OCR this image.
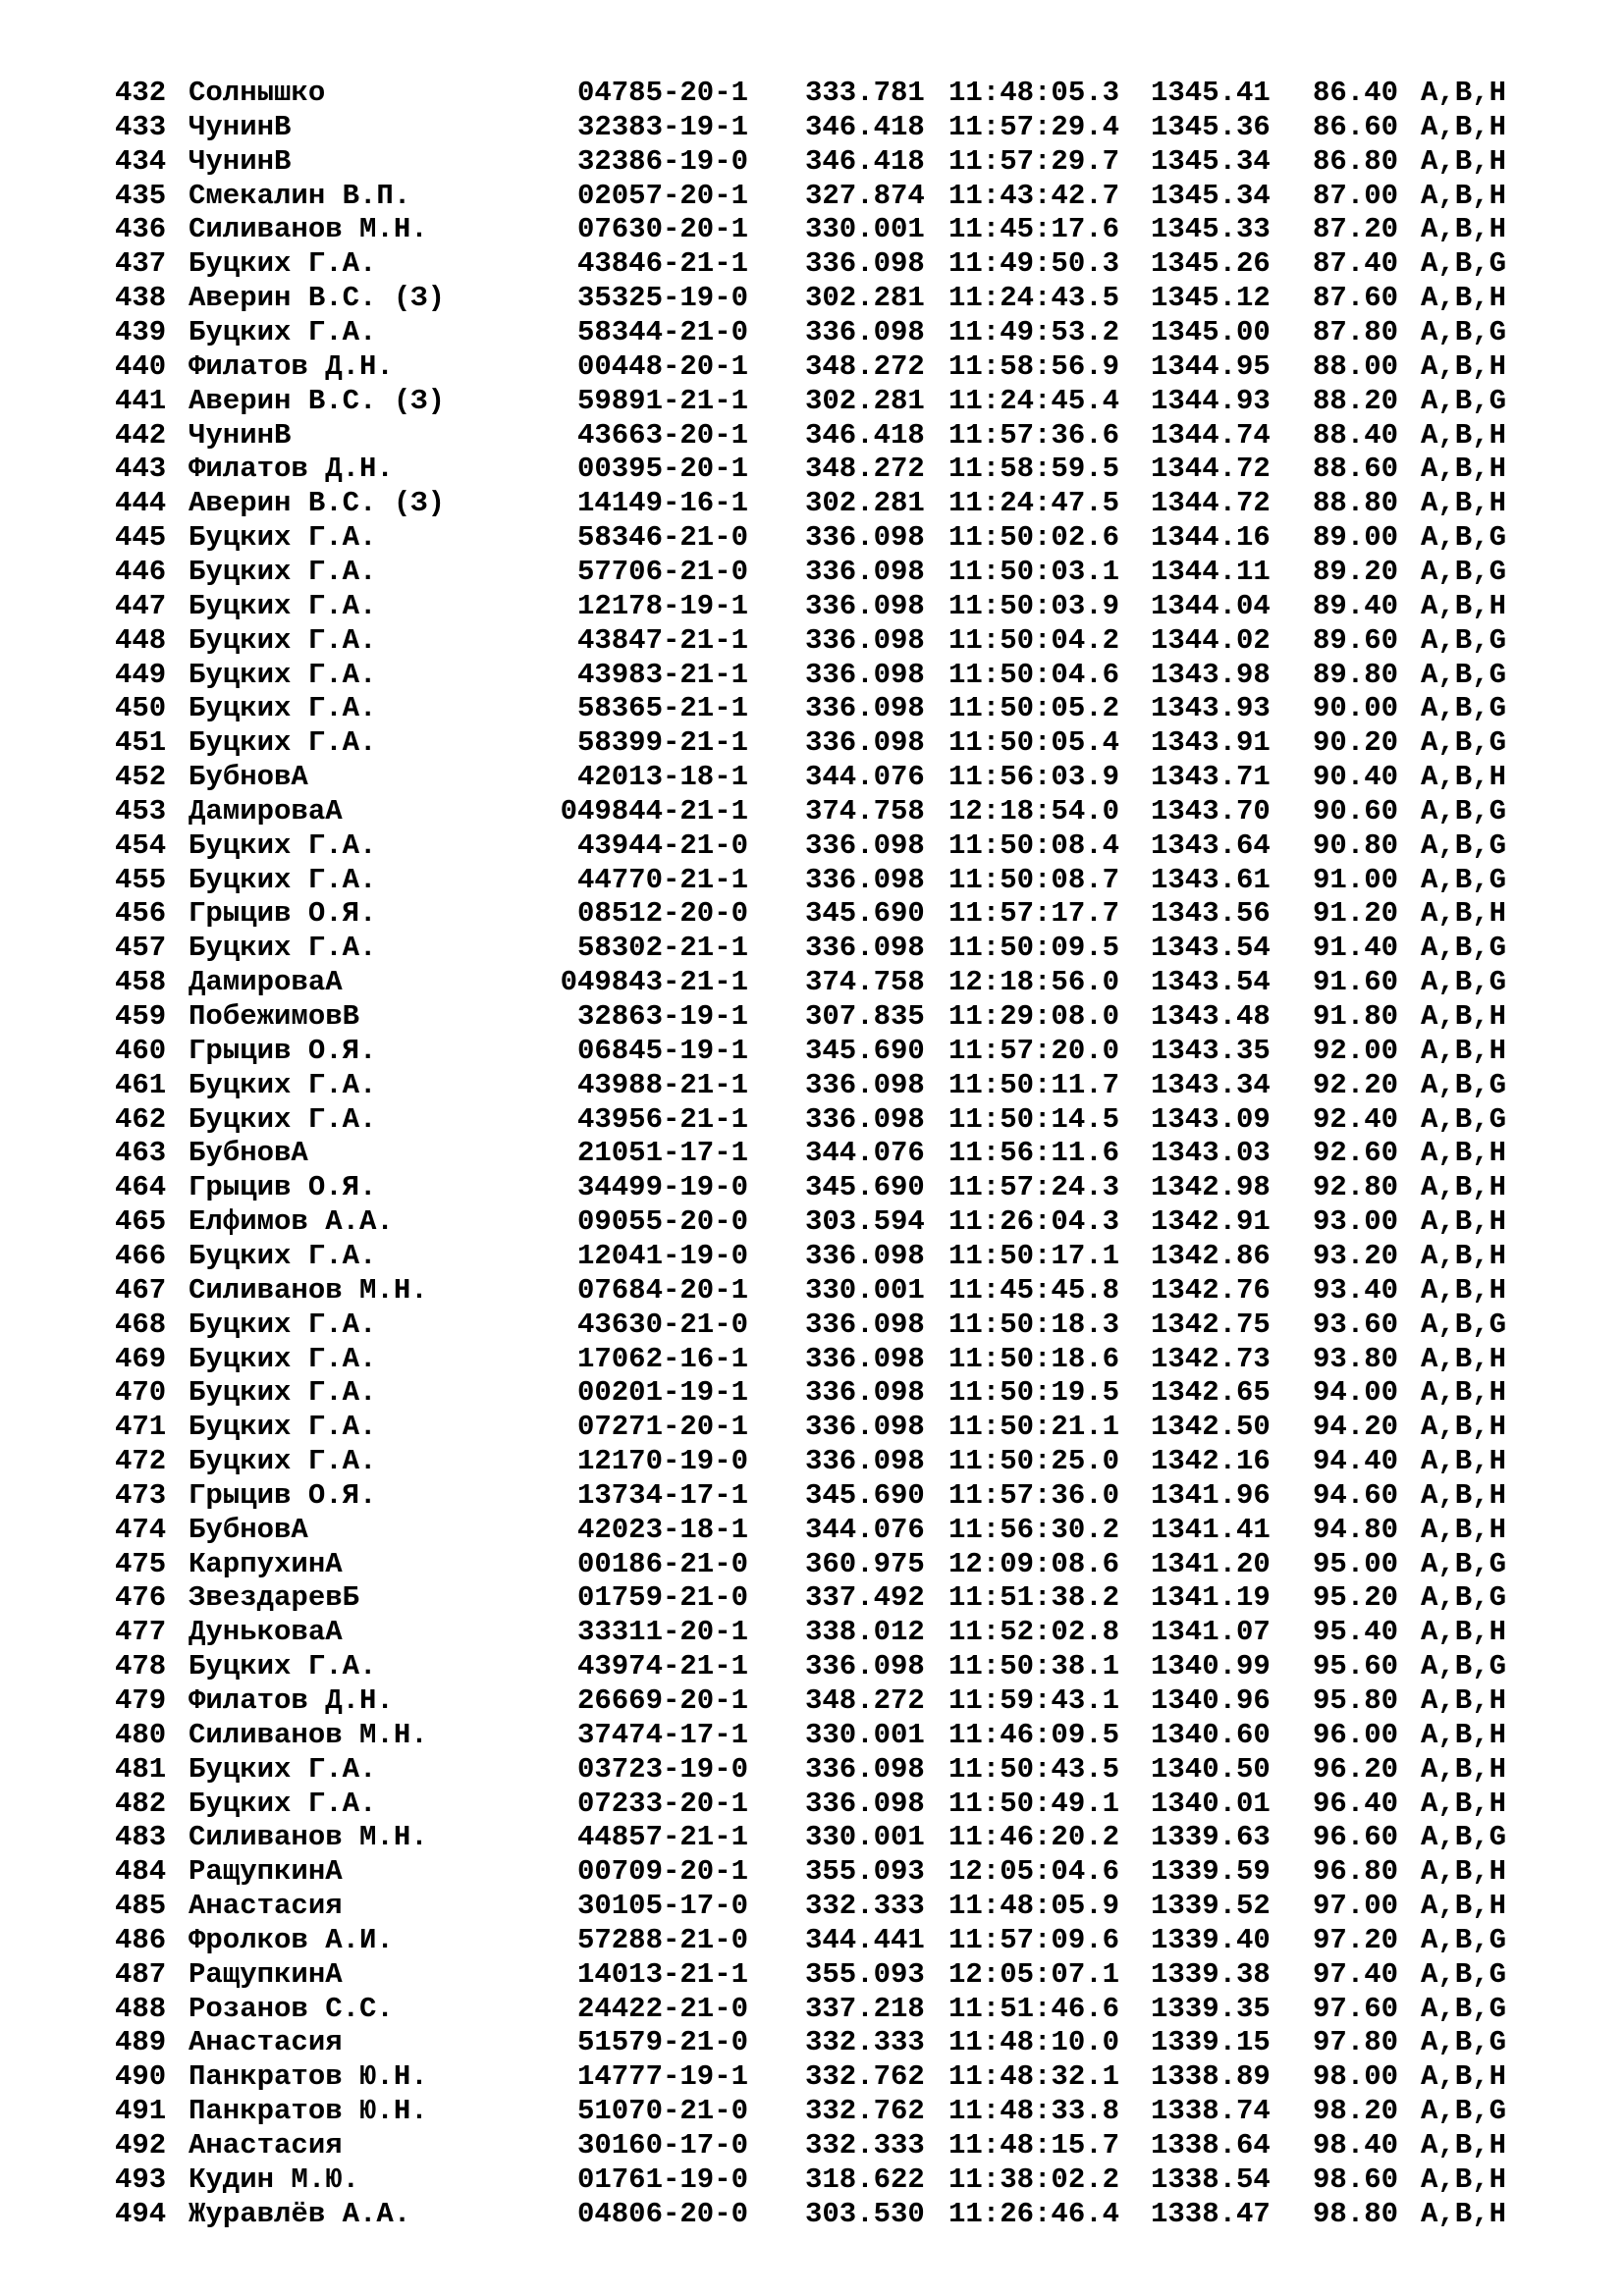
432 Солнышко	04785-20-1 333.781 11:48:05.3 1345.41 86.40 A,B,H
433 ЧунинВ	32383-19-1 346.418 11:57:29.4 1345.36 86.60 A,B,H
434 ЧунинВ	32386-19-0 346.418 11:57:29.7 1345.34 86.80 A,B,H
435 Смекалин В.П.	02057-20-1 327.874 11:43:42.7 1345.34 87.00 A,B,H
436 Силиванов М.Н.	07630-20-1 330.001 11:45:17.6 1345.33 87.20 A,B,H
437 Буцких Г.А.	43846-21-1 336.098 11:49:50.3 1345.26 87.40 A,B,G
438 Аверин В.С. (З)	35325-19-0 302.281 11:24:43.5 1345.12 87.60 A,B,H
439 Буцких Г.А.	58344-21-0 336.098 11:49:53.2 1345.00 87.80 A,B,G
440 Филатов Д.Н.	00448-20-1 348.272 11:58:56.9 1344.95 88.00 A,B,H
441 Аверин В.С. (З)	59891-21-1 302.281 11:24:45.4 1344.93 88.20 A,B,G
442 ЧунинВ	43663-20-1 346.418 11:57:36.6 1344.74 88.40 A,B,H
443 Филатов Д.Н.	00395-20-1 348.272 11:58:59.5 1344.72 88.60 A,B,H
444 Аверин В.С. (З)	14149-16-1 302.281 11:24:47.5 1344.72 88.80 A,B,H
445 Буцких Г.А.	58346-21-0 336.098 11:50:02.6 1344.16 89.00 A,B,G
446 Буцких Г.А.	57706-21-0 336.098 11:50:03.1 1344.11 89.20 A,B,G
447 Буцких Г.А.	12178-19-1 336.098 11:50:03.9 1344.04 89.40 A,B,H
448 Буцких Г.А.	43847-21-1 336.098 11:50:04.2 1344.02 89.60 A,B,G
449 Буцких Г.А.	43983-21-1 336.098 11:50:04.6 1343.98 89.80 A,B,G
450 Буцких Г.А.	58365-21-1 336.098 11:50:05.2 1343.93 90.00 A,B,G
451 Буцких Г.А.	58399-21-1 336.098 11:50:05.4 1343.91 90.20 A,B,G
452 БубновА	42013-18-1 344.076 11:56:03.9 1343.71 90.40 A,B,H
453 ДамироваА	049844-21-1 374.758 12:18:54.0 1343.70 90.60 A,B,G
454 Буцких Г.А.	43944-21-0 336.098 11:50:08.4 1343.64 90.80 A,B,G
455 Буцких Г.А.	44770-21-1 336.098 11:50:08.7 1343.61 91.00 A,B,G
456 Грыцив О.Я.	08512-20-0 345.690 11:57:17.7 1343.56 91.20 A,B,H
457 Буцких Г.А.	58302-21-1 336.098 11:50:09.5 1343.54 91.40 A,B,G
458 ДамироваА	049843-21-1 374.758 12:18:56.0 1343.54 91.60 A,B,G
459 ПобежимовВ	32863-19-1 307.835 11:29:08.0 1343.48 91.80 A,B,H
460 Грыцив О.Я.	06845-19-1 345.690 11:57:20.0 1343.35 92.00 A,B,H
461 Буцких Г.А.	43988-21-1 336.098 11:50:11.7 1343.34 92.20 A,B,G
462 Буцких Г.А.	43956-21-1 336.098 11:50:14.5 1343.09 92.40 A,B,G
463 БубновА	21051-17-1 344.076 11:56:11.6 1343.03 92.60 A,B,H
464 Грыцив О.Я.	34499-19-0 345.690 11:57:24.3 1342.98 92.80 A,B,H
465 Елфимов А.А.	09055-20-0 303.594 11:26:04.3 1342.91 93.00 A,B,H
466 Буцких Г.А.	12041-19-0 336.098 11:50:17.1 1342.86 93.20 A,B,H
467 Силиванов М.Н.	07684-20-1 330.001 11:45:45.8 1342.76 93.40 A,B,H
468 Буцких Г.А.	43630-21-0 336.098 11:50:18.3 1342.75 93.60 A,B,G
469 Буцких Г.А.	17062-16-1 336.098 11:50:18.6 1342.73 93.80 A,B,H
470 Буцких Г.А.	00201-19-1 336.098 11:50:19.5 1342.65 94.00 A,B,H
471 Буцких Г.А.	07271-20-1 336.098 11:50:21.1 1342.50 94.20 A,B,H
472 Буцких Г.А.	12170-19-0 336.098 11:50:25.0 1342.16 94.40 A,B,H
473 Грыцив О.Я.	13734-17-1 345.690 11:57:36.0 1341.96 94.60 A,B,H
474 БубновА	42023-18-1 344.076 11:56:30.2 1341.41 94.80 A,B,H
475 КарпухинА	00186-21-0 360.975 12:09:08.6 1341.20 95.00 A,B,G
476 ЗвездаревБ	01759-21-0 337.492 11:51:38.2 1341.19 95.20 A,B,G
477 ДуньковаА	33311-20-1 338.012 11:52:02.8 1341.07 95.40 A,B,H
478 Буцких Г.А.	43974-21-1 336.098 11:50:38.1 1340.99 95.60 A,B,G
479 Филатов Д.Н.	26669-20-1 348.272 11:59:43.1 1340.96 95.80 A,B,H
480 Силиванов М.Н.	37474-17-1 330.001 11:46:09.5 1340.60 96.00 A,B,H
481 Буцких Г.А.	03723-19-0 336.098 11:50:43.5 1340.50 96.20 A,B,H
482 Буцких Г.А.	07233-20-1 336.098 11:50:49.1 1340.01 96.40 A,B,H
483 Силиванов М.Н.	44857-21-1 330.001 11:46:20.2 1339.63 96.60 A,B,G
484 РащупкинА	00709-20-1 355.093 12:05:04.6 1339.59 96.80 A,B,H
485 Анастасия	30105-17-0 332.333 11:48:05.9 1339.52 97.00 A,B,H
486 Фролков А.И.	57288-21-0 344.441 11:57:09.6 1339.40 97.20 A,B,G
487 РащупкинА	14013-21-1 355.093 12:05:07.1 1339.38 97.40 A,B,G
488 Розанов С.С.	24422-21-0 337.218 11:51:46.6 1339.35 97.60 A,B,G
489 Анастасия	51579-21-0 332.333 11:48:10.0 1339.15 97.80 A,B,G
490 Панкратов Ю.Н.	14777-19-1 332.762 11:48:32.1 1338.89 98.00 A,B,H
491 Панкратов Ю.Н.	51070-21-0 332.762 11:48:33.8 1338.74 98.20 A,B,G
492 Анастасия	30160-17-0 332.333 11:48:15.7 1338.64 98.40 A,B,H
493 Кудин М.Ю.	01761-19-0 318.622 11:38:02.2 1338.54 98.60 A,B,H
494 Журавлёв А.А.	04806-20-0 303.530 11:26:46.4 1338.47 98.80 A,B,H
